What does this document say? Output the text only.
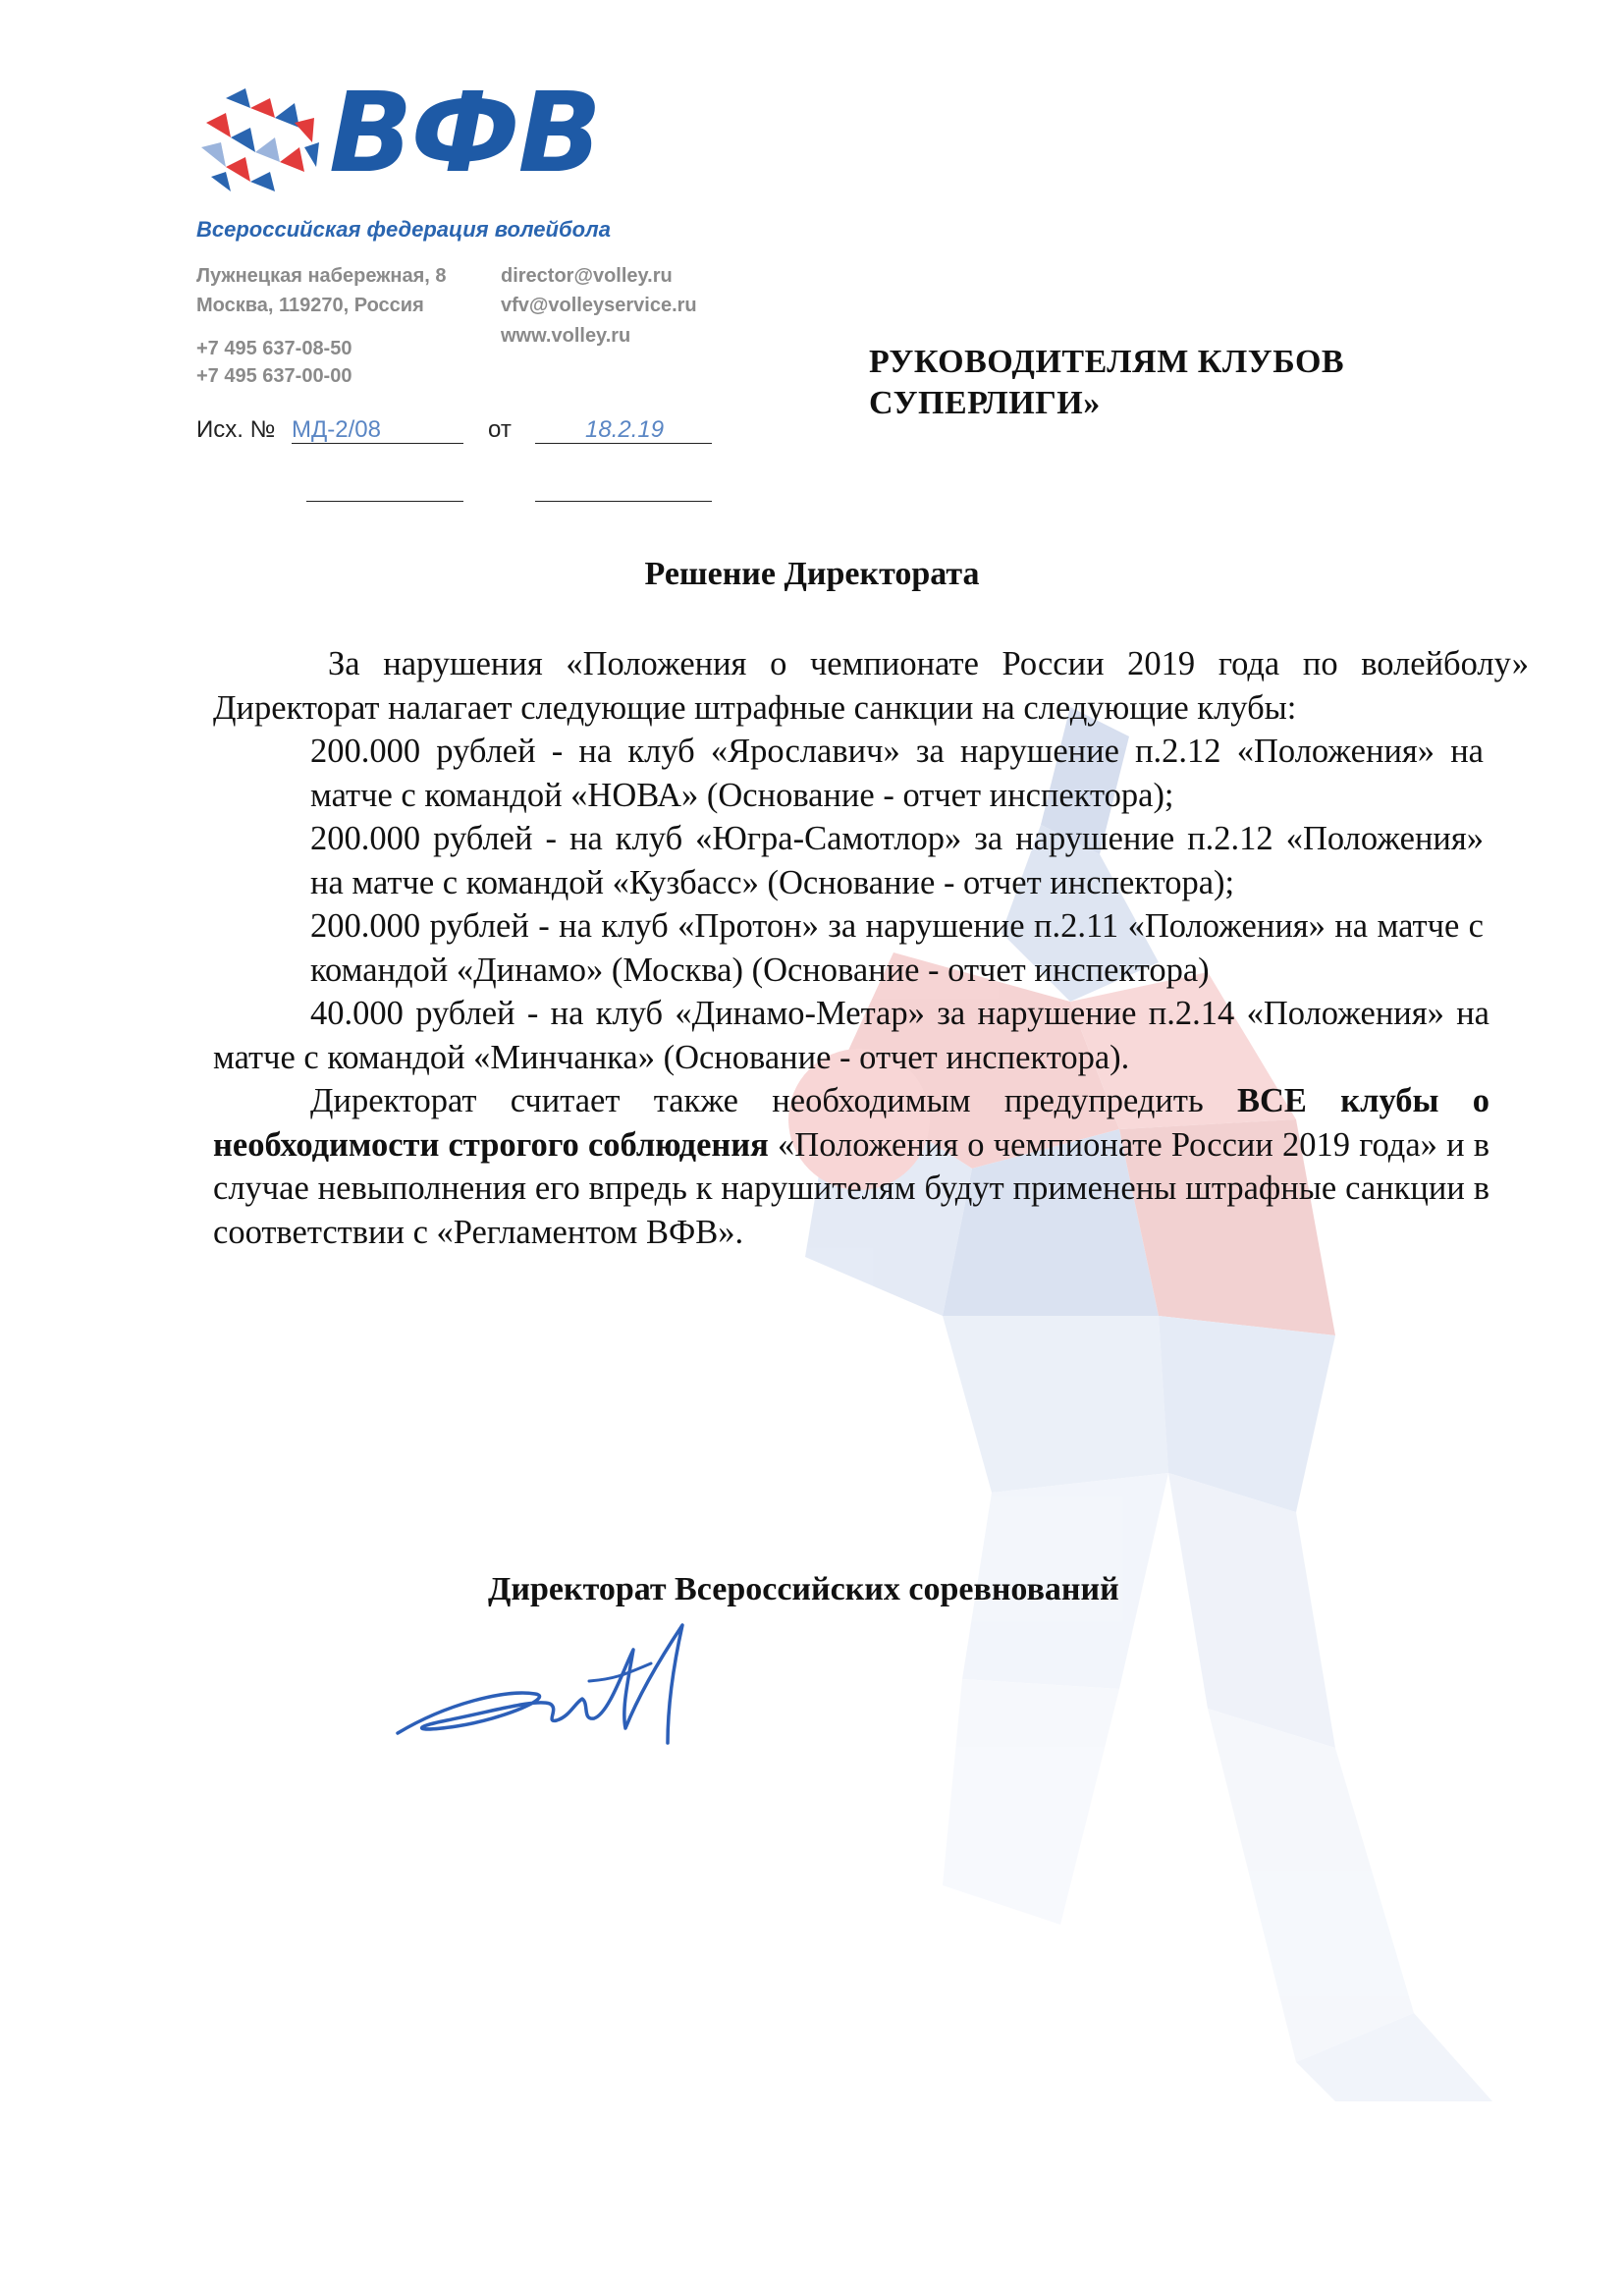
ВФВ
Всероссийская федерация волейбола
Лужнецкая набережная, 8
Москва, 119270, Россия
+7 495 637-08-50
+7 495 637-00-00
director@volley.ru
vfv@volleyservice.ru
www.volley.ru
Исх. № МД-2/08	от	18.2.19
РУКОВОДИТЕЛЯМ КЛУБОВ
СУПЕРЛИГИ»
Решение Директората

За нарушения «Положения о чемпионате России 2019 года по волейболу» Директорат налагает следующие штрафные санкции на следующие клубы:

200.000 рублей - на клуб «Ярославич» за нарушение п.2.12 «Положения» на матче с командой «НОВА» (Основание - отчет инспектора);

200.000 рублей - на клуб «Югра-Самотлор» за нарушение п.2.12 «Положения» на матче с командой «Кузбасс» (Основание - отчет инспектора);

200.000 рублей - на клуб «Протон» за нарушение п.2.11 «Положения» на матче с командой «Динамо» (Москва) (Основание - отчет инспектора)

40.000 рублей - на клуб «Динамо-Метар» за нарушение п.2.14 «Положения» на матче с командой «Минчанка» (Основание - отчет инспектора).

Директорат считает также необходимым предупредить ВСЕ клубы о необходимости строгого соблюдения «Положения о чемпионате России 2019 года» и в случае невыполнения его впредь к нарушителям будут применены штрафные санкции в соответствии с «Регламентом ВФВ».

Директорат Всероссийских соревнований
